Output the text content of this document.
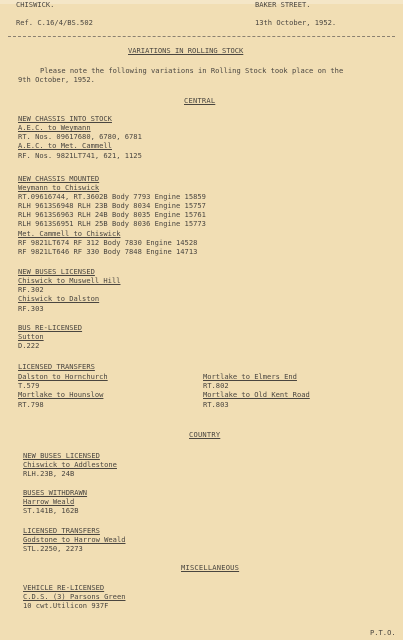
CHISWICK.	BAKER STREET.
Ref. C.16/4/BS.502	13th October, 1952.
VARIATIONS IN ROLLING STOCK
Please note the following variations in Rolling Stock took place on the
9th October, 1952.
CENTRAL
NEW CHASSIS INTO STOCK
A.E.C. to Weymann
RT. Nos. 09617680, 6780, 6781
A.E.C. to Met. Cammell
RF. Nos. 9821LT741, 621, 1125
NEW CHASSIS MOUNTED
Weymann to Chiswick
RT.09616744, RT.3602B Body 7793 Engine 15859
RLH 9613S6948 RLH 23B Body 8034 Engine 15757
RLH 9613S6963 RLH 24B Body 8035 Engine 15761
RLH 9613S6951 RLH 25B Body 8036 Engine 15773
Met. Cammell to Chiswick
RF 9821LT674 RF 312 Body 7830 Engine 14528
RF 9821LT646 RF 330 Body 7848 Engine 14713
NEW BUSES LICENSED
Chiswick to Muswell Hill
RF.302
Chiswick to Dalston
RF.303
BUS RE-LICENSED
Sutton
D.222
LICENSED TRANSFERS
Dalston to Hornchurch
T.579
Mortlake to Hounslow
RT.798
Mortlake to Elmers End
RT.802
Mortlake to Old Kent Road
RT.803
COUNTRY
NEW BUSES LICENSED
Chiswick to Addlestone
RLH.23B, 24B
BUSES WITHDRAWN
Harrow Weald
ST.141B, 162B
LICENSED TRANSFERS
Godstone to Harrow Weald
STL.2250, 2273
MISCELLANEOUS
VEHICLE RE-LICENSED
C.D.S. (3) Parsons Green
10 cwt.Utilicon 937F
P.T.O.
